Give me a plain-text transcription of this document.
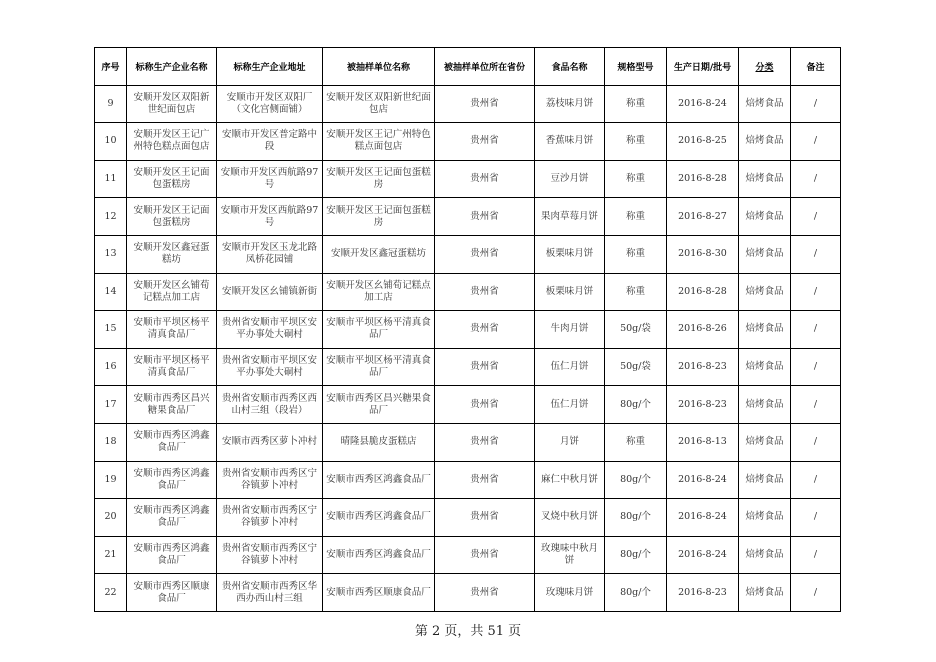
序号	标称生产企业名称	标称生产企业地址	被抽样单位名称	被抽样单位所在省份	食品名称	规格型号	生产日期/批号	分类	备注
9	安顺开发区双阳新世纪面包店	安顺市开发区双阳厂（文化宫侧面铺）	安顺开发区双阳新世纪面包店	贵州省	荔枝味月饼	称重	2016-8-24	焙烤食品	/
10	安顺开发区王记广州特色糕点面包店	安顺市开发区普定路中段	安顺开发区王记广州特色糕点面包店	贵州省	香蕉味月饼	称重	2016-8-25	焙烤食品	/
11	安顺开发区王记面包蛋糕房	安顺市开发区西航路97号	安顺开发区王记面包蛋糕房	贵州省	豆沙月饼	称重	2016-8-28	焙烤食品	/
12	安顺开发区王记面包蛋糕房	安顺市开发区西航路97号	安顺开发区王记面包蛋糕房	贵州省	果肉草莓月饼	称重	2016-8-27	焙烤食品	/
13	安顺开发区鑫冠蛋糕坊	安顺市开发区玉龙北路凤桥花园铺	安顺开发区鑫冠蛋糕坊	贵州省	板栗味月饼	称重	2016-8-30	焙烤食品	/
14	安顺开发区幺铺荀记糕点加工店	安顺开发区幺铺镇新街	安顺开发区幺铺荀记糕点加工店	贵州省	板栗味月饼	称重	2016-8-28	焙烤食品	/
15	安顺市平坝区杨平清真食品厂	贵州省安顺市平坝区安平办事处大硐村	安顺市平坝区杨平清真食品厂	贵州省	牛肉月饼	50g/袋	2016-8-26	焙烤食品	/
16	安顺市平坝区杨平清真食品厂	贵州省安顺市平坝区安平办事处大硐村	安顺市平坝区杨平清真食品厂	贵州省	伍仁月饼	50g/袋	2016-8-23	焙烤食品	/
17	安顺市西秀区昌兴糖果食品厂	贵州省安顺市西秀区西山村三组（段岩）	安顺市西秀区昌兴糖果食品厂	贵州省	伍仁月饼	80g/个	2016-8-23	焙烤食品	/
18	安顺市西秀区鸿鑫食品厂	安顺市西秀区萝卜冲村	晴隆县脆皮蛋糕店	贵州省	月饼	称重	2016-8-13	焙烤食品	/
19	安顺市西秀区鸿鑫食品厂	贵州省安顺市西秀区宁谷镇萝卜冲村	安顺市西秀区鸿鑫食品厂	贵州省	麻仁中秋月饼	80g/个	2016-8-24	焙烤食品	/
20	安顺市西秀区鸿鑫食品厂	贵州省安顺市西秀区宁谷镇萝卜冲村	安顺市西秀区鸿鑫食品厂	贵州省	叉烧中秋月饼	80g/个	2016-8-24	焙烤食品	/
21	安顺市西秀区鸿鑫食品厂	贵州省安顺市西秀区宁谷镇萝卜冲村	安顺市西秀区鸿鑫食品厂	贵州省	玫瑰味中秋月饼	80g/个	2016-8-24	焙烤食品	/
22	安顺市西秀区顺康食品厂	贵州省安顺市西秀区华西办西山村三组	安顺市西秀区顺康食品厂	贵州省	玫瑰味月饼	80g/个	2016-8-23	焙烤食品	/
第 2 页，共 51 页
